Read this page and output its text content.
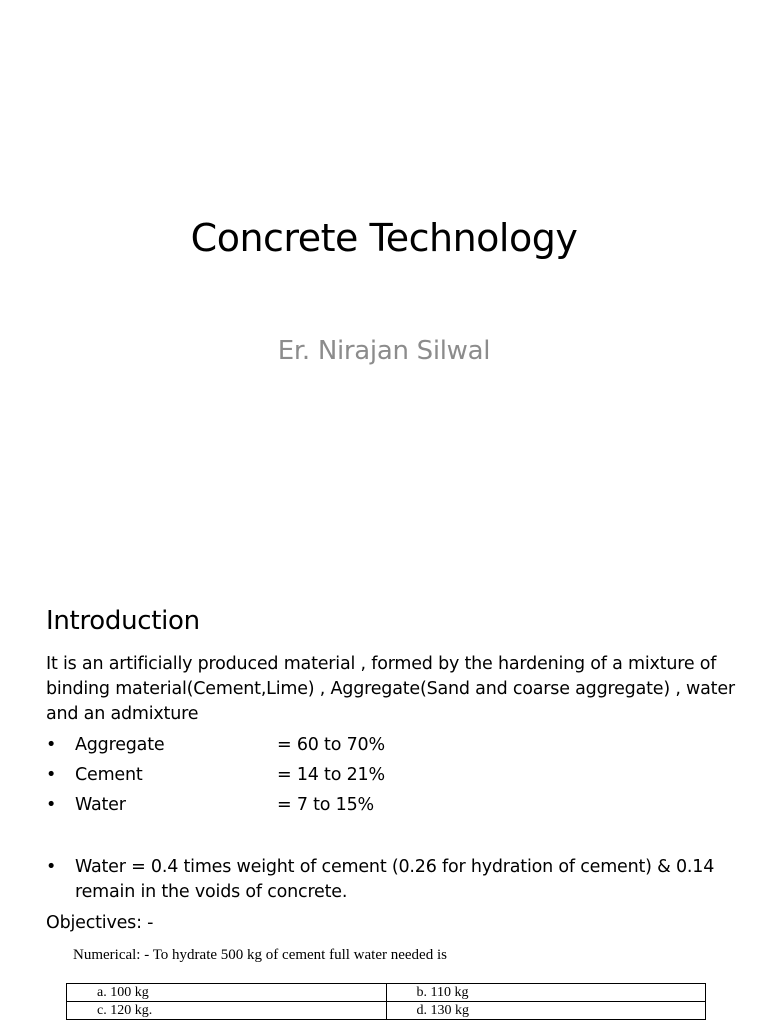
Concrete Technology
Er. Nirajan Silwal
Introduction

It is an artificially produced material , formed by the hardening of a mixture of binding material(Cement,Lime) , Aggregate(Sand and coarse aggregate) , water and an admixture

• Aggregate	= 60 to 70%
• Cement	= 14 to 21%
• Water	= 7 to 15%
• Water = 0.4 times weight of cement (0.26 for hydration of cement) & 0.14 remain in the voids of concrete.
Objectives: -
Numerical: - To hydrate 500 kg of cement full water needed is
a. 100 kg	b. 110 kg
c. 120 kg.	d. 130 kg
